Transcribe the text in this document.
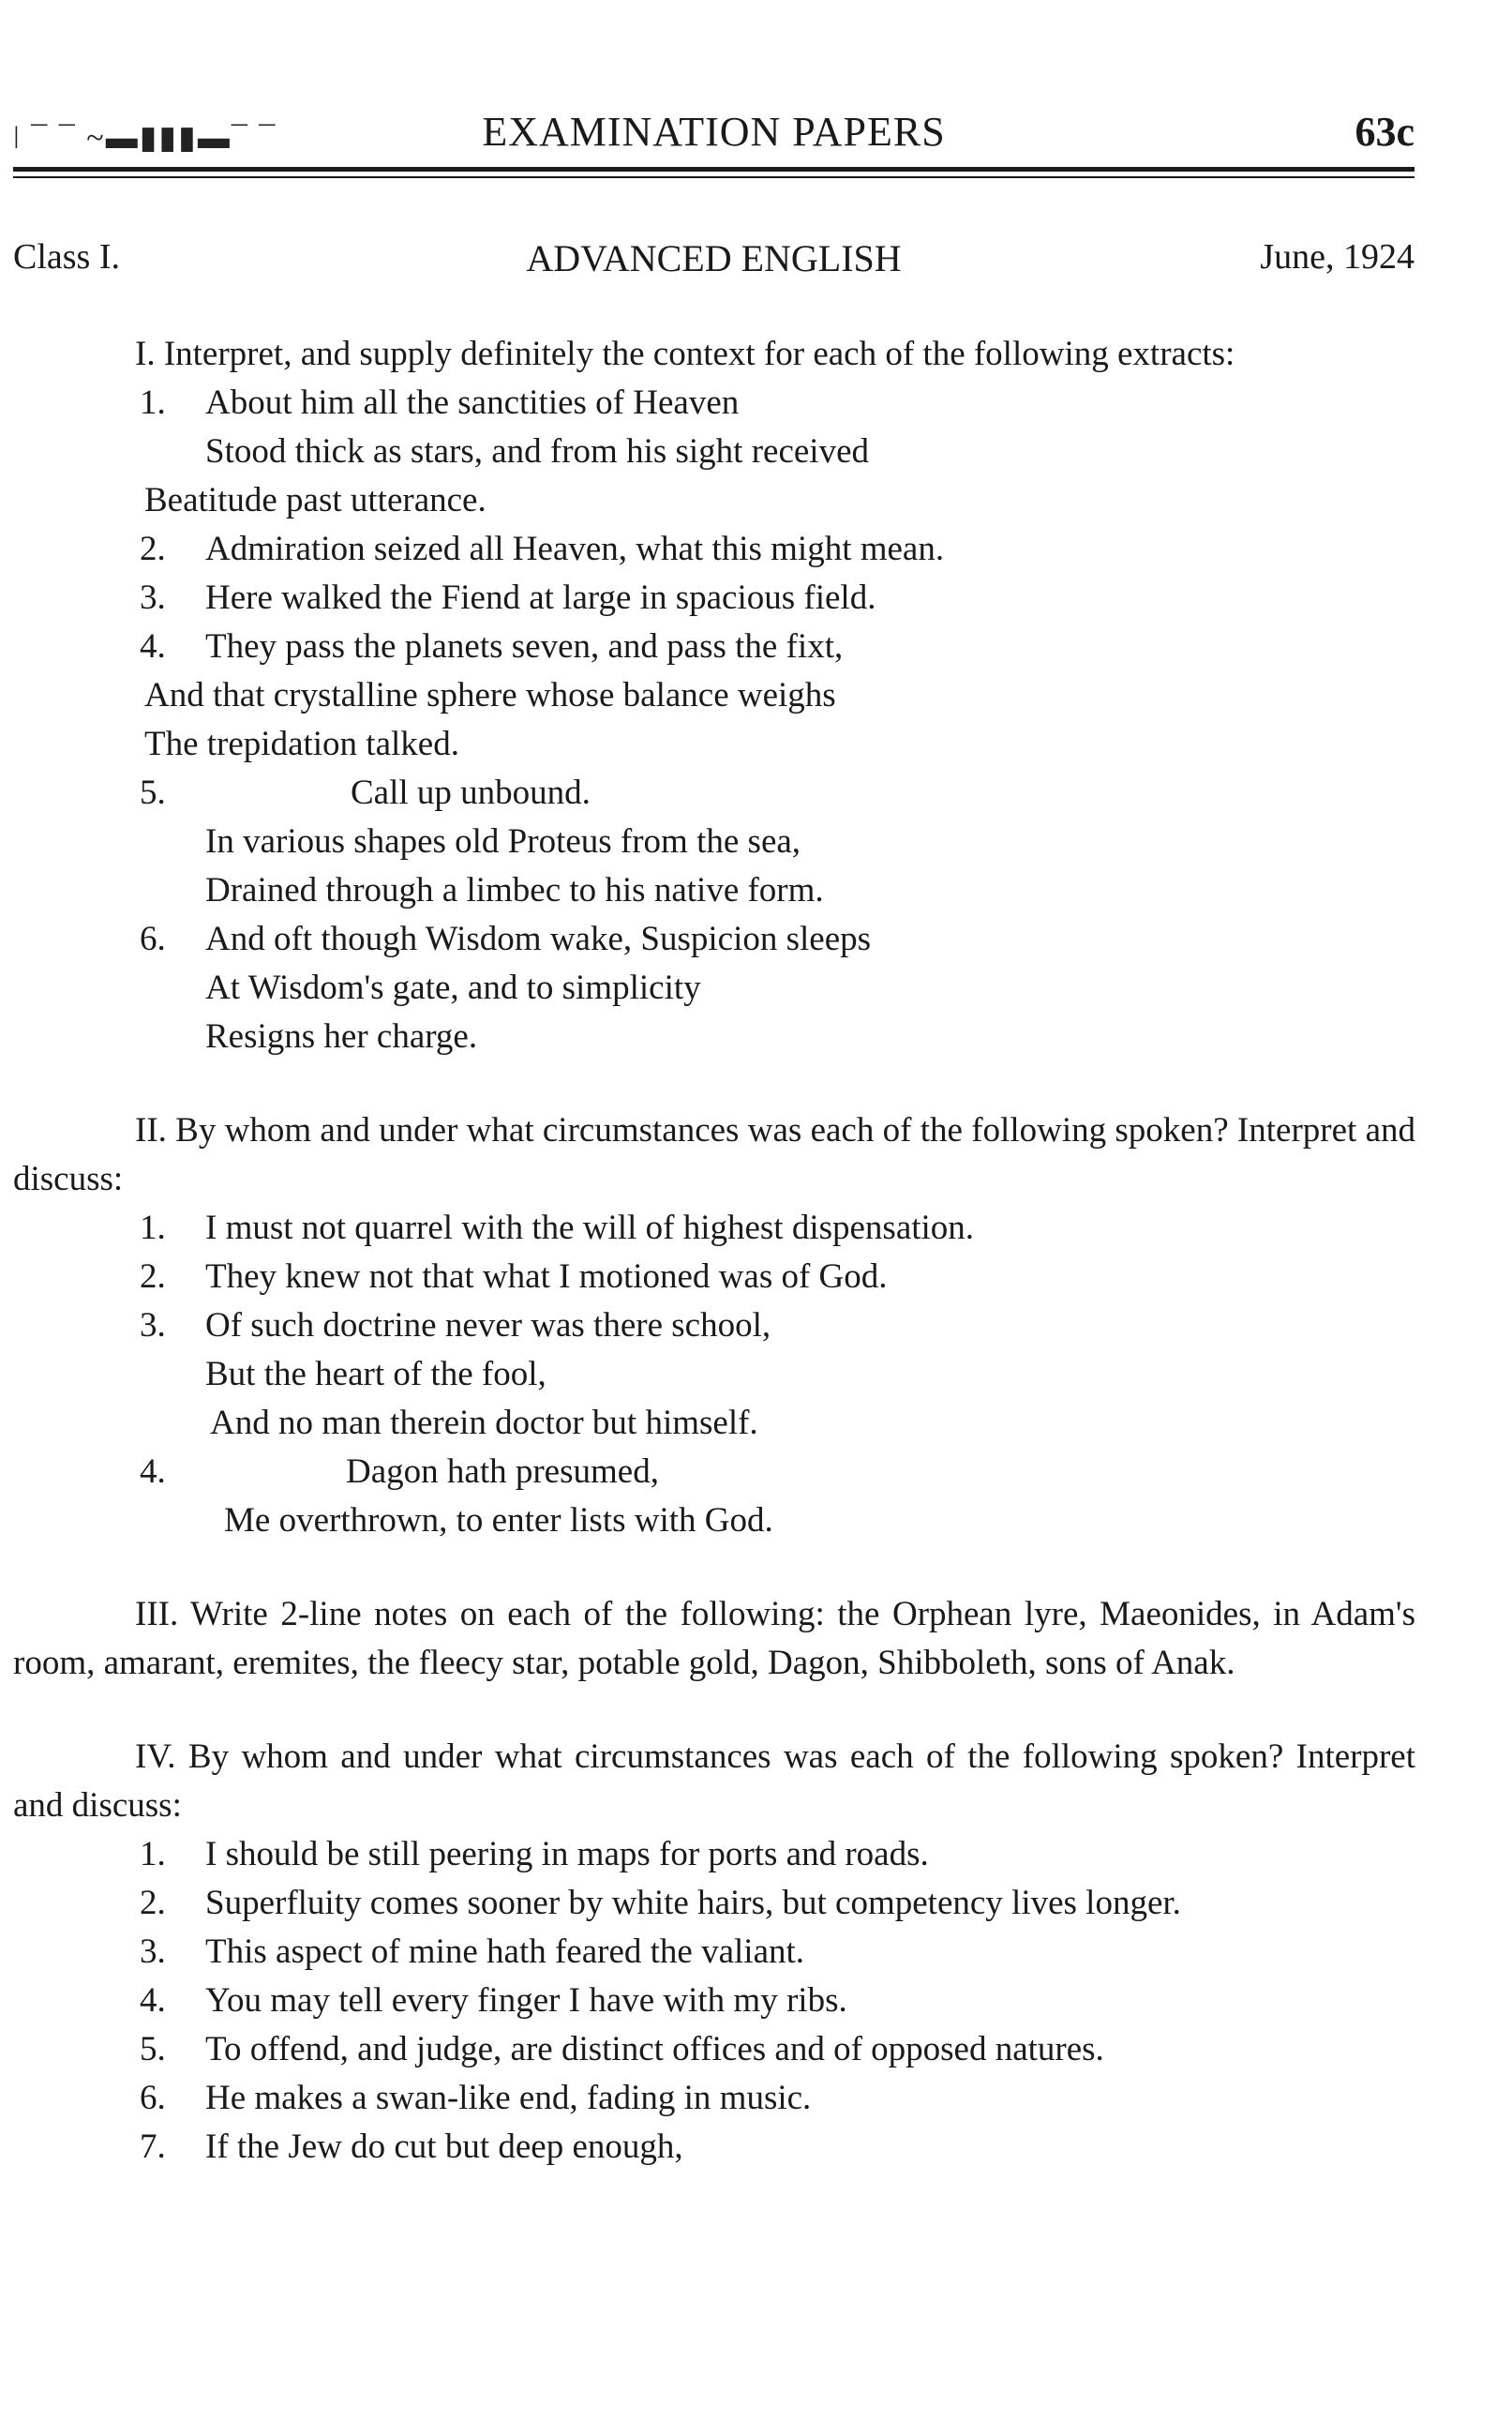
ǀ ¯ ¯ ~▬▮▮▮▬¯ ¯	EXAMINATION PAPERS	63c
Class I.	ADVANCED ENGLISH	June, 1924

I. Interpret, and supply definitely the context for each of the following extracts:

1. About him all the sanctities of Heaven

Stood thick as stars, and from his sight received

Beatitude past utterance.

2. Admiration seized all Heaven, what this might mean.

3. Here walked the Fiend at large in spacious field.

4. They pass the planets seven, and pass the fixt,

And that crystalline sphere whose balance weighs

The trepidation talked.

5.	Call up unbound.

In various shapes old Proteus from the sea,

Drained through a limbec to his native form.

6. And oft though Wisdom wake, Suspicion sleeps

At Wisdom's gate, and to simplicity

Resigns her charge.

II. By whom and under what circumstances was each of the following spoken? Interpret and discuss:

1. I must not quarrel with the will of highest dispensation.

2. They knew not that what I motioned was of God.

3. Of such doctrine never was there school,

But the heart of the fool,

And no man therein doctor but himself.

4.	Dagon hath presumed,

Me overthrown, to enter lists with God.

III. Write 2-line notes on each of the following: the Orphean lyre, Maeonides, in Adam's room, amarant, eremites, the fleecy star, potable gold, Dagon, Shibboleth, sons of Anak.

IV. By whom and under what circumstances was each of the following spoken? Interpret and discuss:

1. I should be still peering in maps for ports and roads.

2. Superfluity comes sooner by white hairs, but competency lives longer.

3. This aspect of mine hath feared the valiant.

4. You may tell every finger I have with my ribs.

5. To offend, and judge, are distinct offices and of opposed natures.

6. He makes a swan-like end, fading in music.

7. If the Jew do cut but deep enough,
